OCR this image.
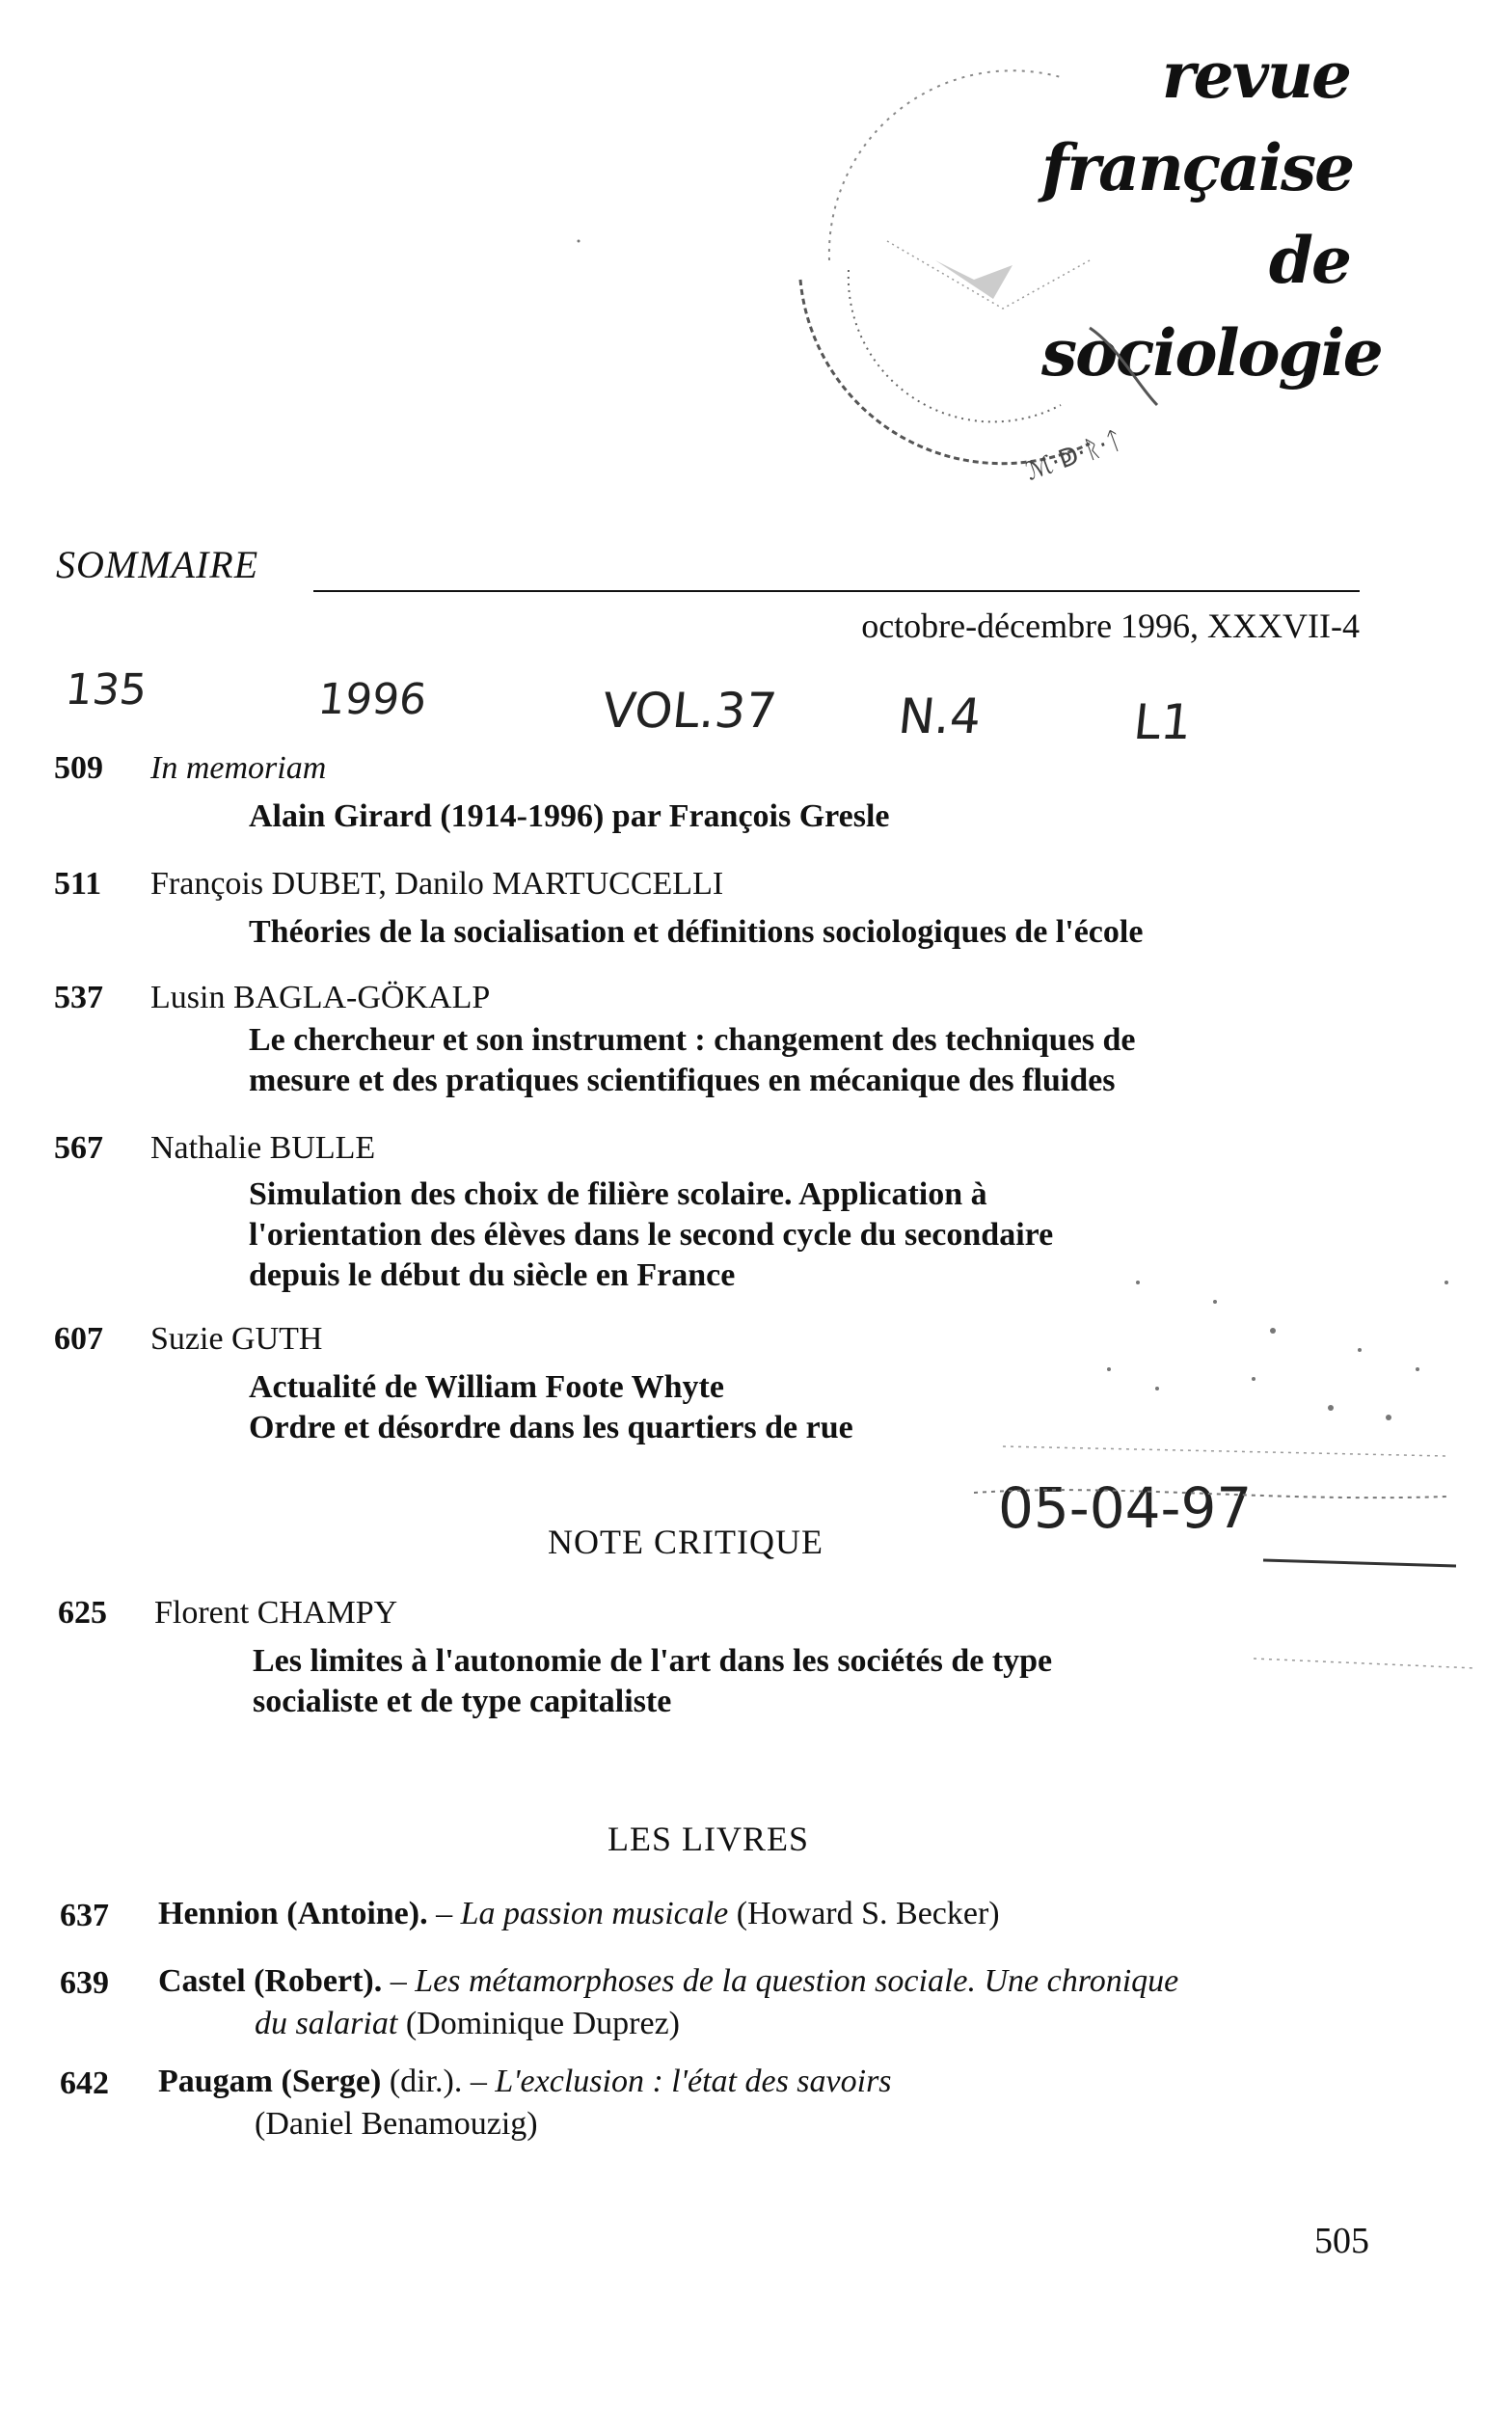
revue
française
de
sociologie
ℳ·ↁ·ᚱ·ᛏ
SOMMAIRE
octobre-décembre 1996, XXXVII-4
135	1996	VOL.37 N.4	L1
509 In memoriam
Alain Girard (1914-1996) par François Gresle
511 François DUBET, Danilo MARTUCCELLI
Théories de la socialisation et définitions sociologiques de l'école
537 Lusin BAGLA-GÖKALP
Le chercheur et son instrument : changement des techniques de
mesure et des pratiques scientifiques en mécanique des fluides
567 Nathalie BULLE
Simulation des choix de filière scolaire. Application à
l'orientation des élèves dans le second cycle du secondaire
depuis le début du siècle en France
607 Suzie GUTH
Actualité de William Foote Whyte
Ordre et désordre dans les quartiers de rue
NOTE CRITIQUE
05-04-97
625 Florent CHAMPY
Les limites à l'autonomie de l'art dans les sociétés de type
socialiste et de type capitaliste
LES LIVRES
637 Hennion (Antoine). – La passion musicale (Howard S. Becker)
639 Castel (Robert). – Les métamorphoses de la question sociale. Une chronique
du salariat (Dominique Duprez)
642 Paugam (Serge) (dir.). – L'exclusion : l'état des savoirs
(Daniel Benamouzig)
505
